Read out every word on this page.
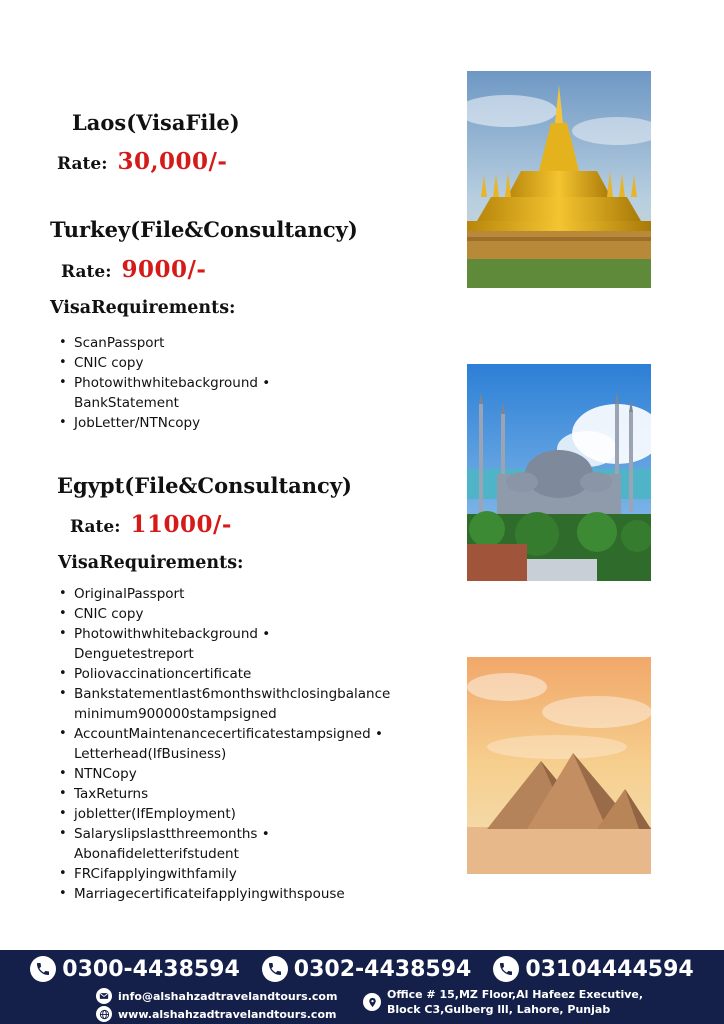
Laos(VisaFile)
Rate: 30,000/-
Turkey(File&Consultancy)
Rate: 9000/-
VisaRequirements:
• ScanPassport
• CNIC copy
• Photowithwhitebackground •
BankStatement
• JobLetter/NTNcopy
Egypt(File&Consultancy)
Rate: 11000/-
VisaRequirements:
• OriginalPassport
• CNIC copy
• Photowithwhitebackground •
Denguetestreport
• Poliovaccinationcertificate
• Bankstatementlast6monthswithclosingbalance
minimum900000stampsigned
• AccountMaintenancecertificatestampsigned •
Letterhead(IfBusiness)
• NTNCopy
• TaxReturns
• jobletter(IfEmployment)
• Salaryslipslastthreemonths •
Abonafideletterifstudent
• FRCifapplyingwithfamily
• Marriagecertificateifapplyingwithspouse
0300-4438594 0302-4438594 03104444594
info@alshahzadtravelandtours.com
www.alshahzadtravelandtours.com
Office # 15,MZ Floor,Al Hafeez Executive,
Block C3,Gulberg lll, Lahore, Punjab
